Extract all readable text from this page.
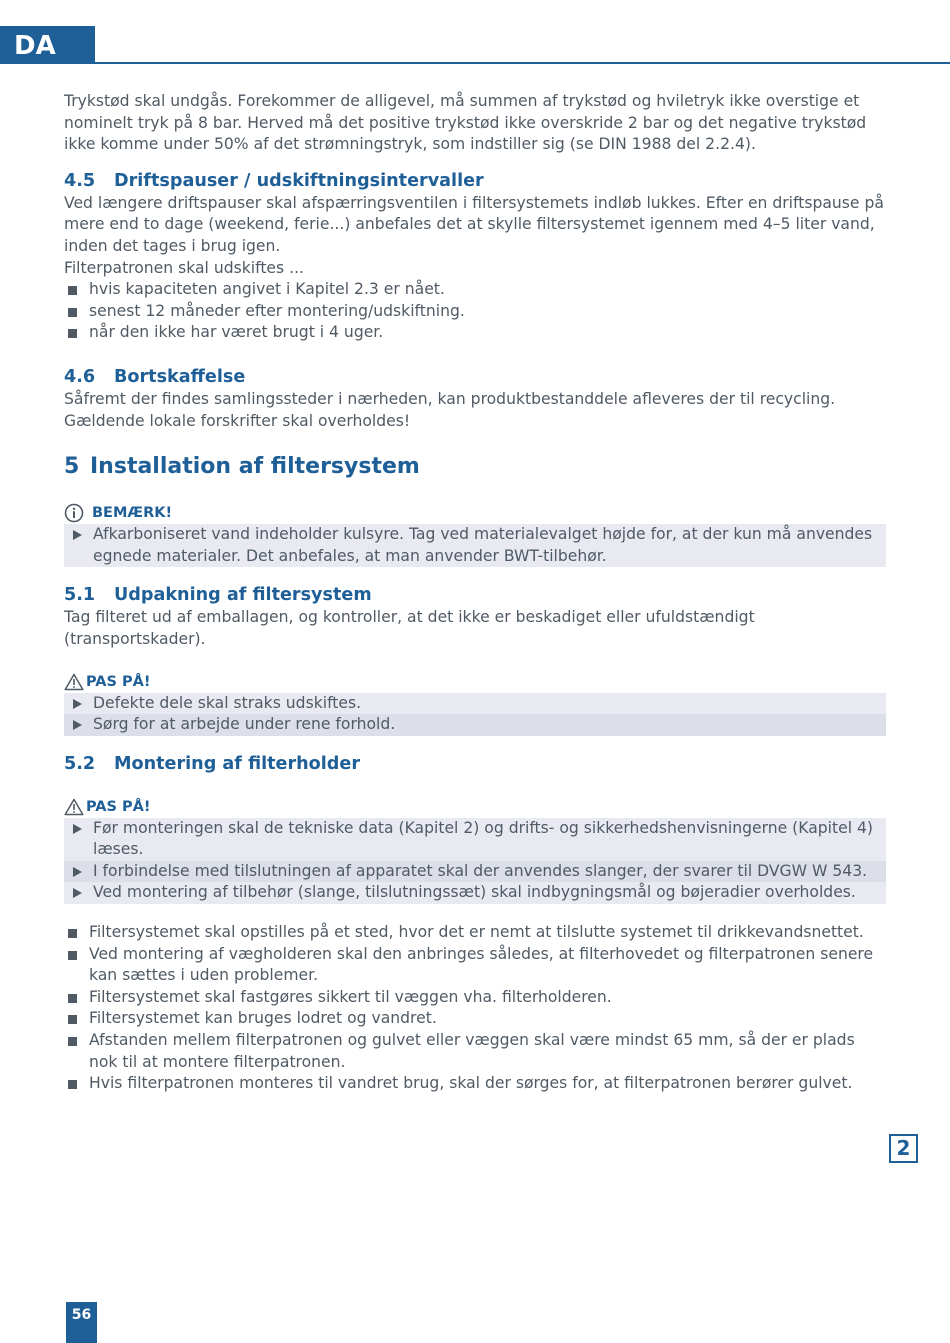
DA

Trykstød skal undgås. Forekommer de alligevel, må summen af trykstød og hviletryk ikke overstige et nominelt tryk på 8 bar. Herved må det positive trykstød ikke overskride 2 bar og det negative trykstød ikke komme under 50% af det strømningstryk, som indstiller sig (se DIN 1988 del 2.2.4).

4.5 Driftspauser / udskiftningsintervaller

Ved længere driftspauser skal afspærringsventilen i filtersystemets indløb lukkes. Efter en driftspause på mere end to dage (weekend, ferie...) anbefales det at skylle filtersystemet igennem med 4–5 liter vand, inden det tages i brug igen.

Filterpatronen skal udskiftes ...

hvis kapaciteten angivet i Kapitel 2.3 er nået.
senest 12 måneder efter montering/udskiftning.
når den ikke har været brugt i 4 uger.
4.6 Bortskaffelse

Såfremt der findes samlingssteder i nærheden, kan produktbestanddele afleveres der til recycling. Gældende lokale forskrifter skal overholdes!

5 Installation af filtersystem
BEMÆRK!
Afkarboniseret vand indeholder kulsyre. Tag ved materialevalget højde for, at der kun må anvendes egnede materialer. Det anbefales, at man anvender BWT-tilbehør.
5.1 Udpakning af filtersystem

Tag filteret ud af emballagen, og kontroller, at det ikke er beskadiget eller ufuldstændigt (transportskader).

PAS PÅ!
Defekte dele skal straks udskiftes.
Sørg for at arbejde under rene forhold.
5.2 Montering af filterholder
PAS PÅ!
Før monteringen skal de tekniske data (Kapitel 2) og drifts- og sikkerhedshenvisningerne (Kapitel 4) læses.
I forbindelse med tilslutningen af apparatet skal der anvendes slanger, der svarer til DVGW W 543.
Ved montering af tilbehør (slange, tilslutningssæt) skal indbygningsmål og bøjeradier overholdes.
Filtersystemet skal opstilles på et sted, hvor det er nemt at tilslutte systemet til drikkevandsnettet.
Ved montering af vægholderen skal den anbringes således, at filterhovedet og filterpatronen senere kan sættes i uden problemer.
Filtersystemet skal fastgøres sikkert til væggen vha. filterholderen.
Filtersystemet kan bruges lodret og vandret.
Afstanden mellem filterpatronen og gulvet eller væggen skal være mindst 65 mm, så der er plads nok til at montere filterpatronen.
Hvis filterpatronen monteres til vandret brug, skal der sørges for, at filterpatronen berører gulvet.
2
56
